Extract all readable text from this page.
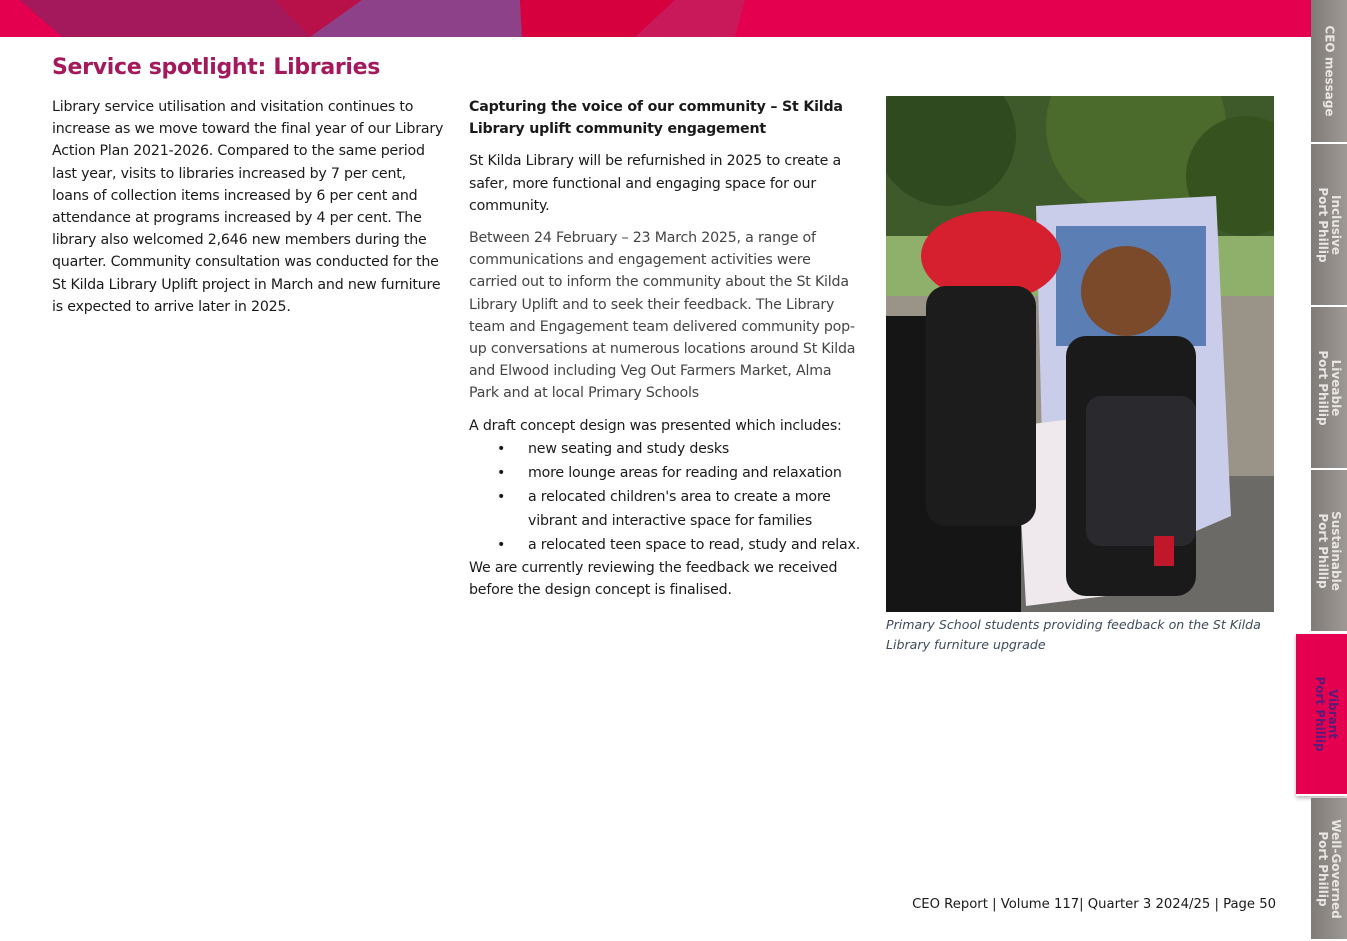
Service spotlight: Libraries

Library service utilisation and visitation continues to increase as we move toward the final year of our Library Action Plan 2021-2026. Compared to the same period last year, visits to libraries increased by 7 per cent, loans of collection items increased by 6 per cent and attendance at programs increased by 4 per cent. The library also welcomed 2,646 new members during the quarter. Community consultation was conducted for the St Kilda Library Uplift project in March and new furniture is expected to arrive later in 2025.

Capturing the voice of our community – St Kilda Library uplift community engagement

St Kilda Library will be refurnished in 2025 to create a safer, more functional and engaging space for our community.

Between 24 February – 23 March 2025, a range of communications and engagement activities were carried out to inform the community about the St Kilda Library Uplift and to seek their feedback. The Library team and Engagement team delivered community pop-up conversations at numerous locations around St Kilda and Elwood including Veg Out Farmers Market, Alma Park and at local Primary Schools

A draft concept design was presented which includes:

• new seating and study desks
• more lounge areas for reading and relaxation
• a relocated children's area to create a more vibrant and interactive space for families
• a relocated teen space to read, study and relax.

We are currently reviewing the feedback we received before the design concept is finalised.

Primary School students providing feedback on the St Kilda Library furniture upgrade

CEO Report | Volume 117| Quarter 3 2024/25 | Page 50
CEO message
Inclusive
Port Phillip
Liveable
Port Phillip
Sustainable
Port Phillip
Vibrant
Port Phillip
Well-Governed
Port Phillip
